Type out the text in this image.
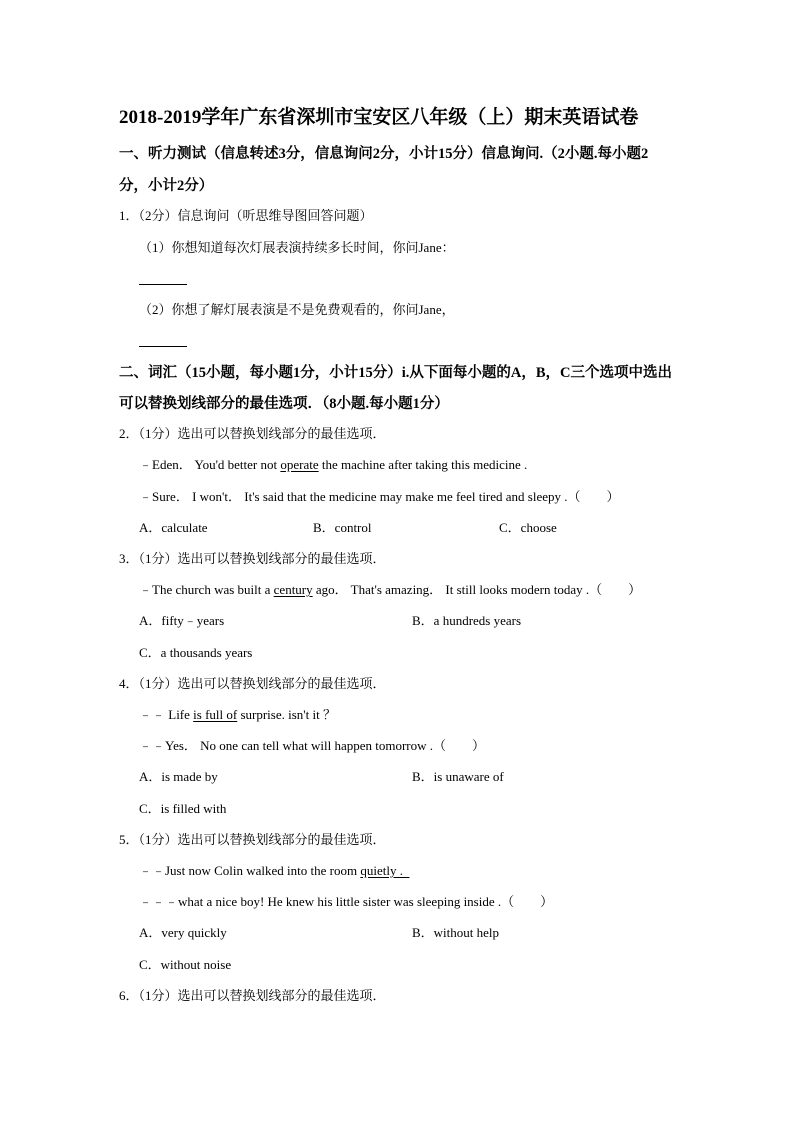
2018-2019学年广东省深圳市宝安区八年级（上）期末英语试卷
一、听力测试（信息转述3分，信息询问2分，小计15分）信息询问.（2小题.每小题2
分，小计2分）
1．（2分）信息询问（听思维导图回答问题）
（1）你想知道每次灯展表演持续多长时间，你问Jane：
（2）你想了解灯展表演是不是免费观看的，你问Jane，
二、词汇（15小题，每小题1分，小计15分）i.从下面每小题的A，B，C三个选项中选出
可以替换划线部分的最佳选项．（8小题.每小题1分）
2．（1分）选出可以替换划线部分的最佳选项．
﹣Eden． You'd better not operate the machine after taking this medicine .
﹣Sure． I won't． It's said that the medicine may make me feel tired and sleepy .（　　）
A．calculate	B．control	C．choose
3．（1分）选出可以替换划线部分的最佳选项．
﹣The church was built a century ago． That's amazing． It still looks modern today .（　　）
A．fifty﹣years	B．a hundreds years
C．a thousands years
4．（1分）选出可以替换划线部分的最佳选项．
﹣﹣ Life is full of surprise. isn't it ？
﹣﹣Yes． No one can tell what will happen tomorrow .（　　）
A．is made by	B．is unaware of
C．is filled with
5．（1分）选出可以替换划线部分的最佳选项．
﹣﹣Just now Colin walked into the room quietly .
﹣﹣﹣what a nice boy! He knew his little sister was sleeping inside .（　　）
A．very quickly	B．without help
C．without noise
6．（1分）选出可以替换划线部分的最佳选项．
